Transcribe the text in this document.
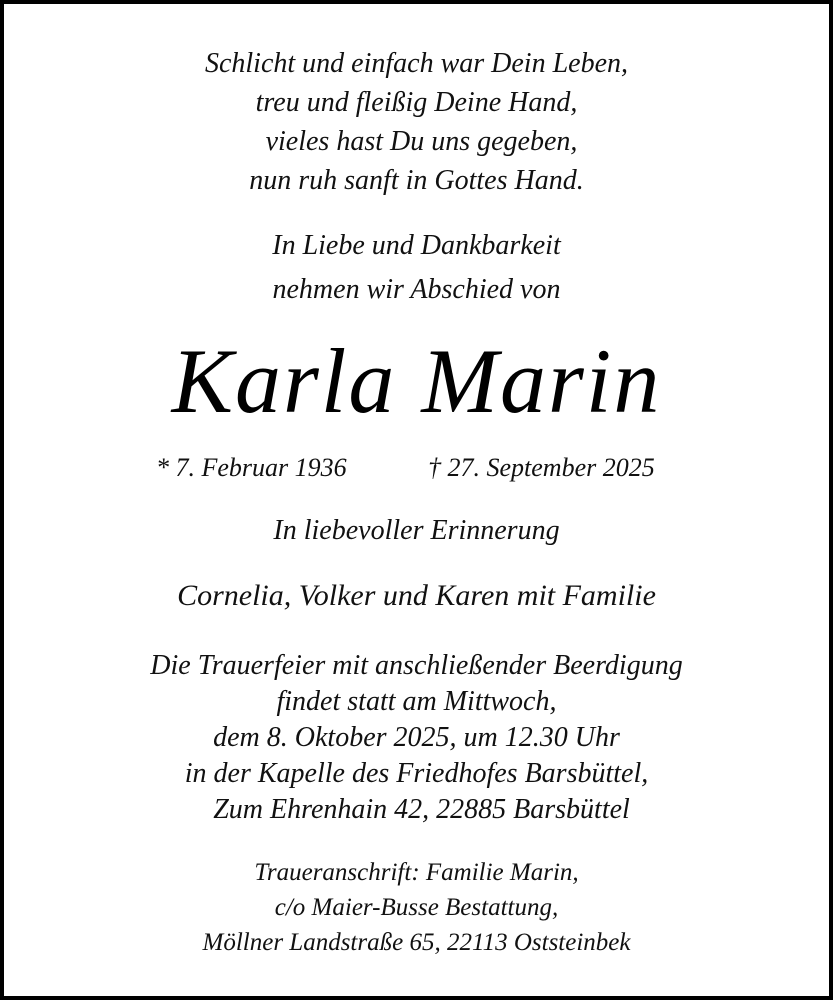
Schlicht und einfach war Dein Leben,
treu und fleißig Deine Hand,
vieles hast Du uns gegeben,
nun ruh sanft in Gottes Hand.
In Liebe und Dankbarkeit
nehmen wir Abschied von
Karla Marin
* 7. Februar 1936	† 27. September 2025
In liebevoller Erinnerung
Cornelia, Volker und Karen mit Familie
Die Trauerfeier mit anschließender Beerdigung
findet statt am Mittwoch,
dem 8. Oktober 2025, um 12.30 Uhr
in der Kapelle des Friedhofes Barsbüttel,
Zum Ehrenhain 42, 22885 Barsbüttel
Traueranschrift: Familie Marin,
c/o Maier-Busse Bestattung,
Möllner Landstraße 65, 22113 Oststeinbek
